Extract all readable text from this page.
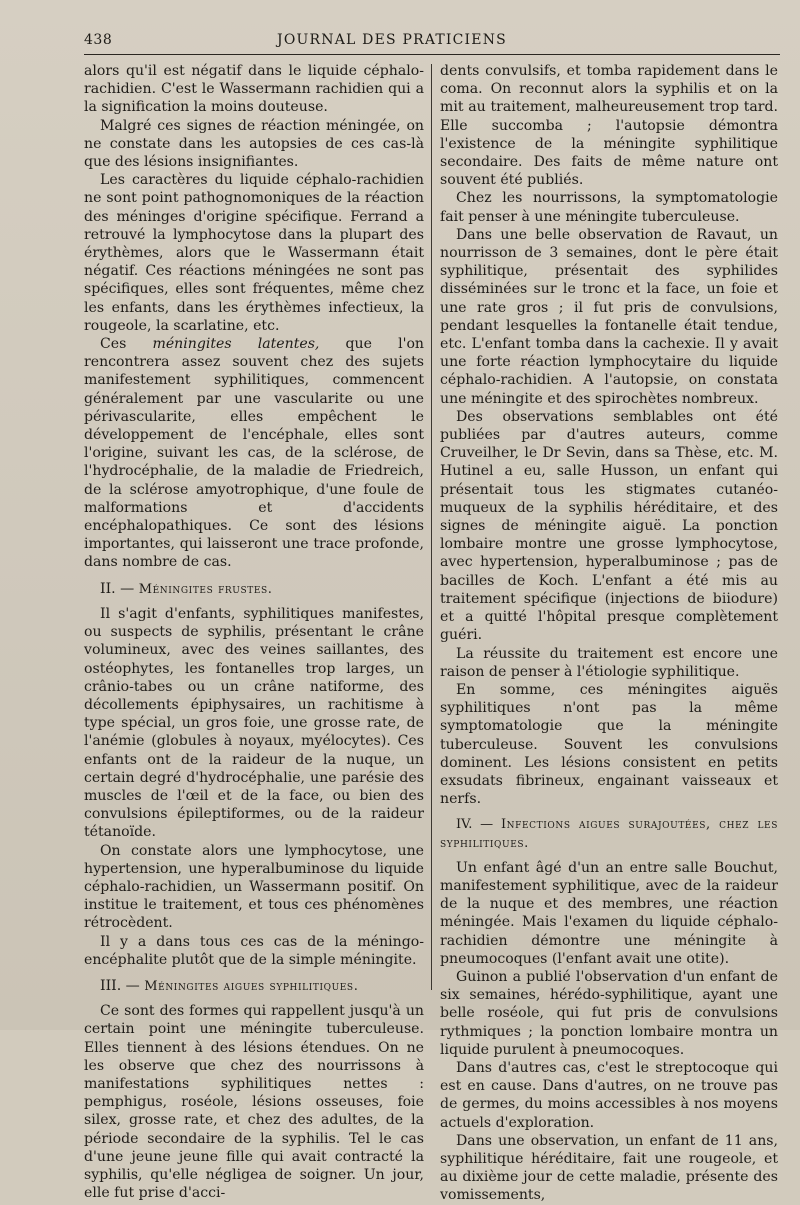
438	JOURNAL DES PRATICIENS

alors qu'il est négatif dans le liquide céphalo-rachidien. C'est le Wassermann rachidien qui a la signification la moins douteuse.

Malgré ces signes de réaction méningée, on ne constate dans les autopsies de ces cas-là que des lésions insignifiantes.

Les caractères du liquide céphalo-rachidien ne sont point pathognomoniques de la réaction des méninges d'origine spécifique. Ferrand a retrouvé la lymphocytose dans la plupart des érythèmes, alors que le Wassermann était négatif. Ces réactions méningées ne sont pas spécifiques, elles sont fréquentes, même chez les enfants, dans les érythèmes infectieux, la rougeole, la scarlatine, etc.

Ces méningites latentes, que l'on rencontrera assez souvent chez des sujets manifestement syphilitiques, commencent généralement par une vascularite ou une périvascularite, elles empêchent le développement de l'encéphale, elles sont l'origine, suivant les cas, de la sclérose, de l'hydrocéphalie, de la maladie de Friedreich, de la sclérose amyotrophique, d'une foule de malformations et d'accidents encéphalopathiques. Ce sont des lésions importantes, qui laisseront une trace profonde, dans nombre de cas.

II. — Méningites frustes.

Il s'agit d'enfants, syphilitiques manifestes, ou suspects de syphilis, présentant le crâne volumineux, avec des veines saillantes, des ostéophytes, les fontanelles trop larges, un crânio-tabes ou un crâne natiforme, des décollements épiphysaires, un rachitisme à type spécial, un gros foie, une grosse rate, de l'anémie (globules à noyaux, myélocytes). Ces enfants ont de la raideur de la nuque, un certain degré d'hydrocéphalie, une parésie des muscles de l'œil et de la face, ou bien des convulsions épileptiformes, ou de la raideur tétanoïde.

On constate alors une lymphocytose, une hypertension, une hyperalbuminose du liquide céphalo-rachidien, un Wassermann positif. On institue le traitement, et tous ces phénomènes rétrocèdent.

Il y a dans tous ces cas de la méningo-encéphalite plutôt que de la simple méningite.

III. — Méningites aigues syphilitiques.

Ce sont des formes qui rappellent jusqu'à un certain point une méningite tuberculeuse. Elles tiennent à des lésions étendues. On ne les observe que chez des nourrissons à manifestations syphilitiques nettes : pemphigus, roséole, lésions osseuses, foie silex, grosse rate, et chez des adultes, de la période secondaire de la syphilis. Tel le cas d'une jeune jeune fille qui avait contracté la syphilis, qu'elle négligea de soigner. Un jour, elle fut prise d'acci-

dents convulsifs, et tomba rapidement dans le coma. On reconnut alors la syphilis et on la mit au traitement, malheureusement trop tard. Elle succomba ; l'autopsie démontra l'existence de la méningite syphilitique secondaire. Des faits de même nature ont souvent été publiés.

Chez les nourrissons, la symptomatologie fait penser à une méningite tuberculeuse.

Dans une belle observation de Ravaut, un nourrisson de 3 semaines, dont le père était syphilitique, présentait des syphilides disséminées sur le tronc et la face, un foie et une rate gros ; il fut pris de convulsions, pendant lesquelles la fontanelle était tendue, etc. L'enfant tomba dans la cachexie. Il y avait une forte réaction lymphocytaire du liquide céphalo-rachidien. A l'autopsie, on constata une méningite et des spirochètes nombreux.

Des observations semblables ont été publiées par d'autres auteurs, comme Cruveilher, le Dr Sevin, dans sa Thèse, etc. M. Hutinel a eu, salle Husson, un enfant qui présentait tous les stigmates cutanéo-muqueux de la syphilis héréditaire, et des signes de méningite aiguë. La ponction lombaire montre une grosse lymphocytose, avec hypertension, hyperalbuminose ; pas de bacilles de Koch. L'enfant a été mis au traitement spécifique (injections de biiodure) et a quitté l'hôpital presque complètement guéri.

La réussite du traitement est encore une raison de penser à l'étiologie syphilitique.

En somme, ces méningites aiguës syphilitiques n'ont pas la même symptomatologie que la méningite tuberculeuse. Souvent les convulsions dominent. Les lésions consistent en petits exsudats fibrineux, engainant vaisseaux et nerfs.

IV. — Infections aigues surajoutées, chez les syphilitiques.

Un enfant âgé d'un an entre salle Bouchut, manifestement syphilitique, avec de la raideur de la nuque et des membres, une réaction méningée. Mais l'examen du liquide céphalo-rachidien démontre une méningite à pneumocoques (l'enfant avait une otite).

Guinon a publié l'observation d'un enfant de six semaines, hérédo-syphilitique, ayant une belle roséole, qui fut pris de convulsions rythmiques ; la ponction lombaire montra un liquide purulent à pneumocoques.

Dans d'autres cas, c'est le streptocoque qui est en cause. Dans d'autres, on ne trouve pas de germes, du moins accessibles à nos moyens actuels d'exploration.

Dans une observation, un enfant de 11 ans, syphilitique héréditaire, fait une rougeole, et au dixième jour de cette maladie, présente des vomissements,
